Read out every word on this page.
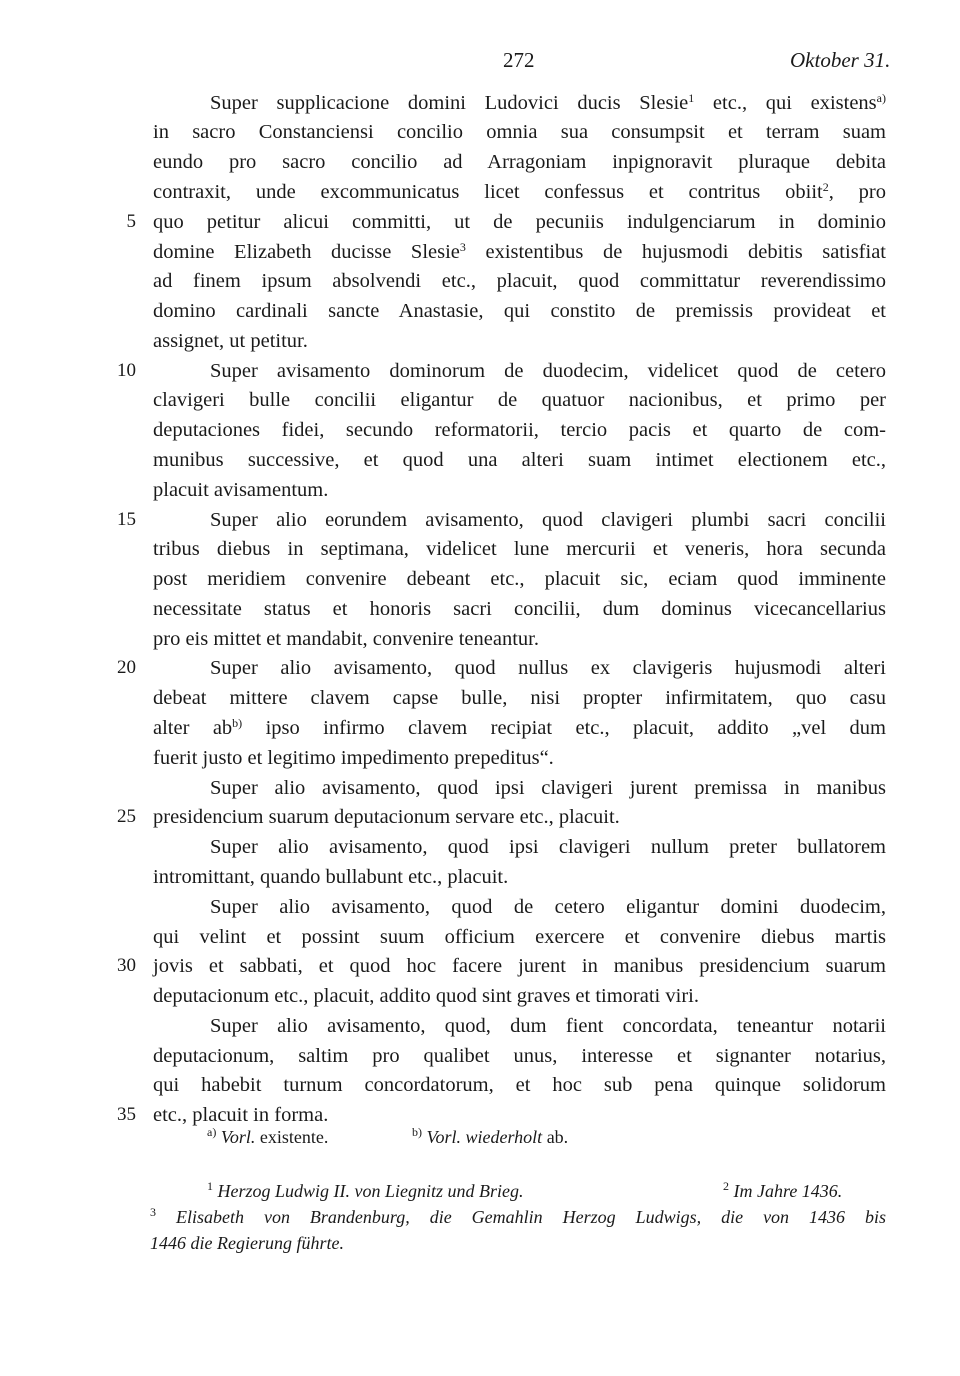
272	Oktober 31.
Super supplicacione domini Ludovici ducis Slesie$^1$ etc., qui existens$^{a)}$
in sacro Constanciensi concilio omnia sua consumpsit et terram suam
eundo pro sacro concilio ad Arragoniam inpignoravit pluraque debita
contraxit, unde excommunicatus licet confessus et contritus obiit$^2$, pro
quo petitur alicui committi, ut de pecuniis indulgenciarum in dominio
domine Elizabeth ducisse Slesie$^3$ existentibus de hujusmodi debitis satisfiat
ad finem ipsum absolvendi etc., placuit, quod committatur reverendissimo
domino cardinali sancte Anastasie, qui constito de premissis provideat et
assignet, ut petitur.
Super avisamento dominorum de duodecim, videlicet quod de cetero
clavigeri bulle concilii eligantur de quatuor nacionibus, et primo per
deputaciones fidei, secundo reformatorii, tercio pacis et quarto de com-
munibus successive, et quod una alteri suam intimet electionem etc.,
placuit avisamentum.
Super alio eorundem avisamento, quod clavigeri plumbi sacri concilii
tribus diebus in septimana, videlicet lune mercurii et veneris, hora secunda
post meridiem convenire debeant etc., placuit sic, eciam quod imminente
necessitate status et honoris sacri concilii, dum dominus vicecancellarius
pro eis mittet et mandabit, convenire teneantur.
Super alio avisamento, quod nullus ex clavigeris hujusmodi alteri
debeat mittere clavem capse bulle, nisi propter infirmitatem, quo casu
alter $ab^{b)}$ ipso infirmo clavem recipiat etc., placuit, addito „vel dum
fuerit justo et legitimo impedimento prepeditus“.
Super alio avisamento, quod ipsi clavigeri jurent premissa in manibus
presidencium suarum deputacionum servare etc., placuit.
Super alio avisamento, quod ipsi clavigeri nullum preter bullatorem
intromittant, quando bullabunt etc., placuit.
Super alio avisamento, quod de cetero eligantur domini duodecim,
qui velint et possint suum officium exercere et convenire diebus martis
jovis et sabbati, et quod hoc facere jurent in manibus presidencium suarum
deputacionum etc., placuit, addito quod sint graves et timorati viri.
Super alio avisamento, quod, dum fient concordata, teneantur notarii
deputacionum, saltim pro qualibet unus, interesse et signanter notarius,
qui habebit turnum concordatorum, et hoc sub pena quinque solidorum
etc., placuit in forma.
5
10
15
20
25
30
35
$^{a)}$ Vorl. existente.	$^{b)}$ Vorl. wiederholt ab.
$^1$ Herzog Ludwig II. von Liegnitz und Brieg.	$^2$ Im Jahre 1436.
$^3$ Elisabeth von Brandenburg, die Gemahlin Herzog Ludwigs, die von 1436 bis
1446 die Regierung führte.
